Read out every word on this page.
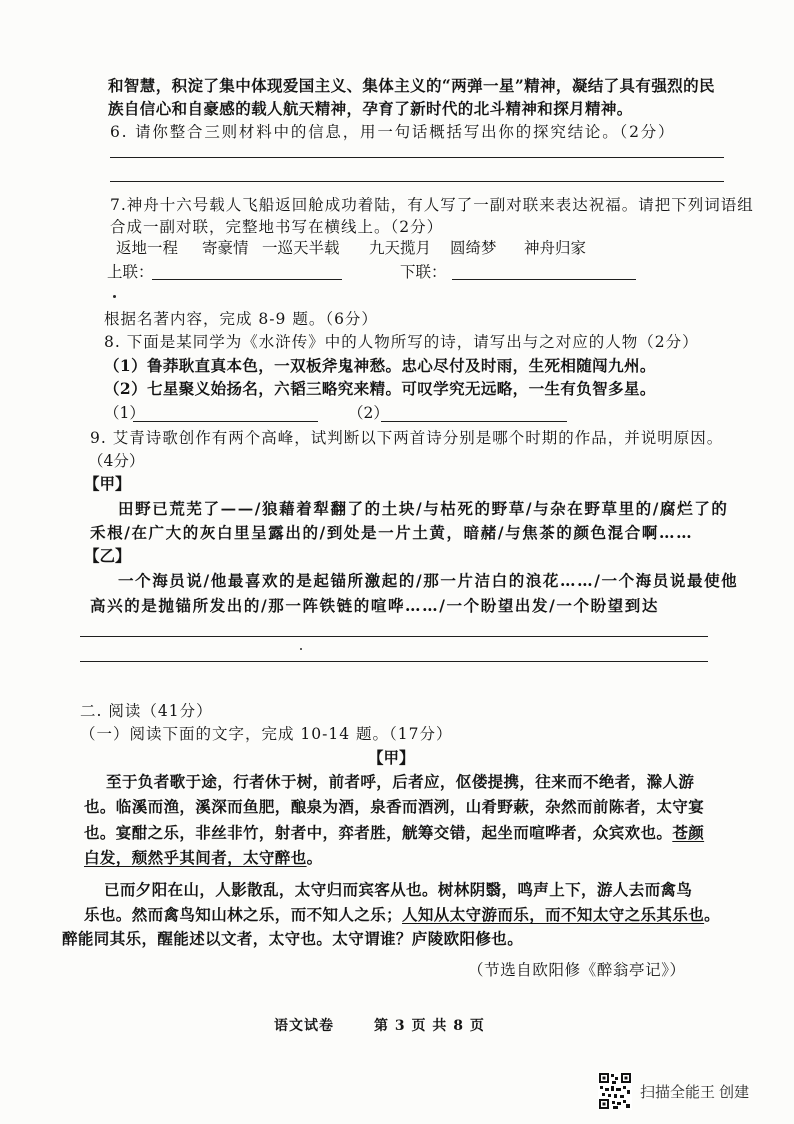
和智慧，积淀了集中体现爱国主义、集体主义的“两弹一星”精神，凝结了具有强烈的民
族自信心和自豪感的载人航天精神，孕育了新时代的北斗精神和探月精神。
6. 请你整合三则材料中的信息，用一句话概括写出你的探究结论。（2分）
7.神舟十六号载人飞船返回舱成功着陆，有人写了一副对联来表达祝福。请把下列词语组
合成一副对联，完整地书写在横线上。（2分）
返地一程 寄豪情 一巡天半载 九天揽月 圆绮梦 神舟归家
上联：	下联：
根据名著内容，完成 8-9 题。（6分）
8. 下面是某同学为《水浒传》中的人物所写的诗，请写出与之对应的人物（2分）
（1）鲁莽耿直真本色，一双板斧鬼神愁。忠心尽付及时雨，生死相随闯九州。
（2）七星聚义始扬名，六韬三略究来精。可叹学究无远略，一生有负智多星。
（1）	（2）
9. 艾青诗歌创作有两个高峰，试判断以下两首诗分别是哪个时期的作品，并说明原因。
（4分）
【甲】
田野已荒芜了——/狼藉着犁翻了的土块/与枯死的野草/与杂在野草里的/腐烂了的
禾根/在广大的灰白里呈露出的/到处是一片土黄，暗赭/与焦茶的颜色混合啊……
【乙】
一个海员说/他最喜欢的是起锚所激起的/那一片洁白的浪花……/一个海员说最使他
高兴的是抛锚所发出的/那一阵铁链的喧哗……/一个盼望出发/一个盼望到达
二. 阅读（41分）
（一）阅读下面的文字，完成 10-14 题。（17分）
【甲】
至于负者歌于途，行者休于树，前者呼，后者应，伛偻提携，往来而不绝者，滁人游
也。临溪而渔，溪深而鱼肥，酿泉为酒，泉香而酒洌，山肴野蔌，杂然而前陈者，太守宴
也。宴酣之乐，非丝非竹，射者中，弈者胜，觥筹交错，起坐而喧哗者，众宾欢也。苍颜
白发，颓然乎其间者，太守醉也。
已而夕阳在山，人影散乱，太守归而宾客从也。树林阴翳，鸣声上下，游人去而禽鸟
乐也。然而禽鸟知山林之乐，而不知人之乐；人知从太守游而乐，而不知太守之乐其乐也。
醉能同其乐，醒能述以文者，太守也。太守谓谁？庐陵欧阳修也。
（节选自欧阳修《醉翁亭记》）
语文试卷	第 3 页 共 8 页
扫描全能王 创建
